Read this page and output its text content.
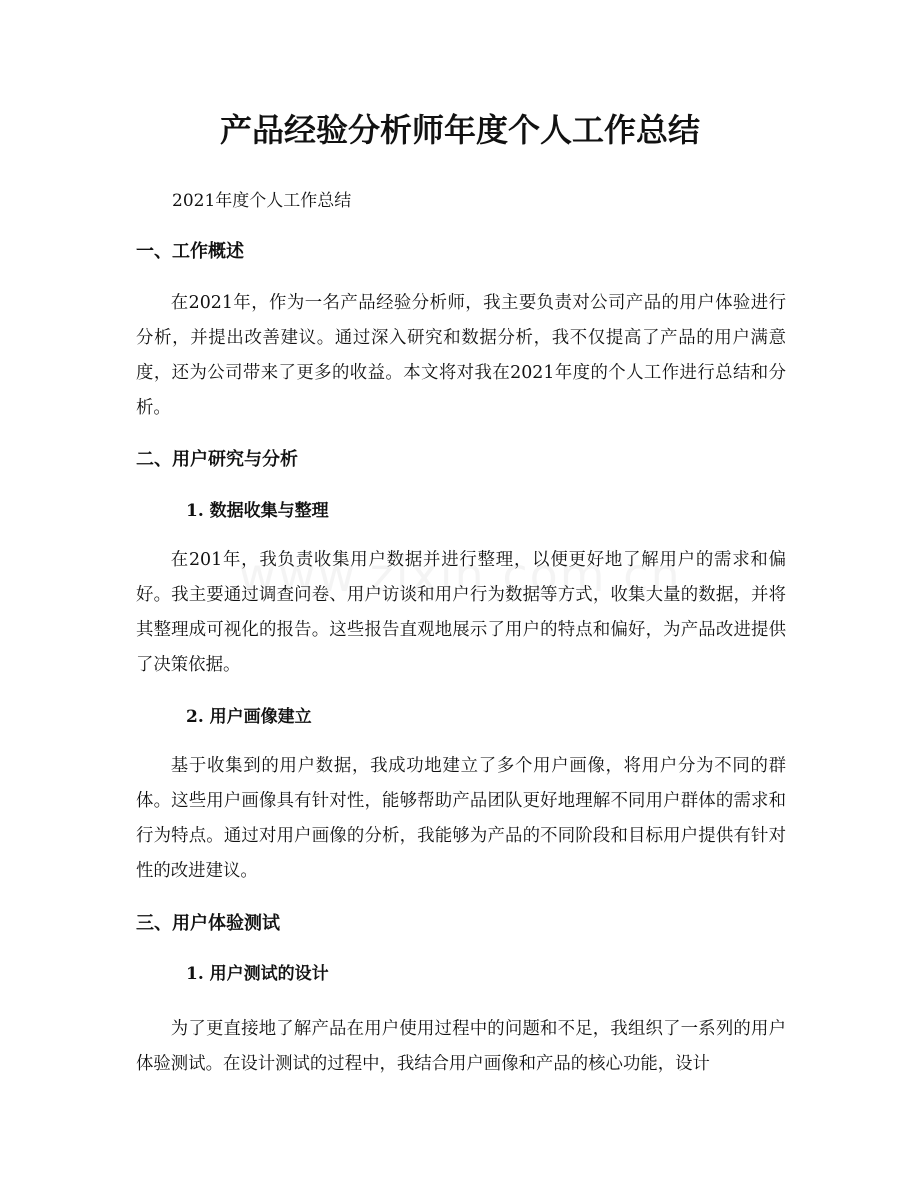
产品经验分析师年度个人工作总结

2021年度个人工作总结

一、工作概述

在2021年，作为一名产品经验分析师，我主要负责对公司产品的用户体验进行分析，并提出改善建议。通过深入研究和数据分析，我不仅提高了产品的用户满意度，还为公司带来了更多的收益。本文将对我在2021年度的个人工作进行总结和分析。

二、用户研究与分析
1. 数据收集与整理

在201年，我负责收集用户数据并进行整理，以便更好地了解用户的需求和偏好。我主要通过调查问卷、用户访谈和用户行为数据等方式，收集大量的数据，并将其整理成可视化的报告。这些报告直观地展示了用户的特点和偏好，为产品改进提供了决策依据。

2. 用户画像建立

基于收集到的用户数据，我成功地建立了多个用户画像，将用户分为不同的群体。这些用户画像具有针对性，能够帮助产品团队更好地理解不同用户群体的需求和行为特点。通过对用户画像的分析，我能够为产品的不同阶段和目标用户提供有针对性的改进建议。

三、用户体验测试
1. 用户测试的设计

为了更直接地了解产品在用户使用过程中的问题和不足，我组织了一系列的用户体验测试。在设计测试的过程中，我结合用户画像和产品的核心功能，设计
